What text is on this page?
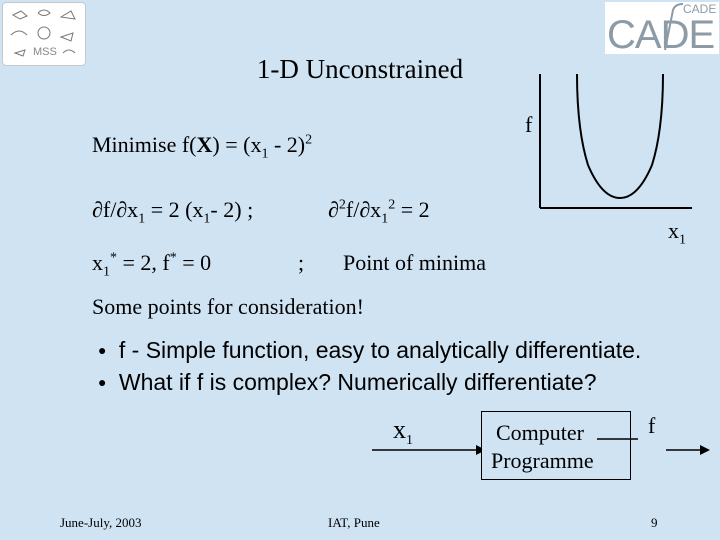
MSS	CADE
CADE
1-D Unconstrained
Minimise $f(X) = (x_1 - 2)^2$
$\partial f/\partial x_1 = 2$ ($x_1-$ 2) ;	$\partial^2f/\partial x_1^2 = 2$
$x_1^* = 2$, f* = 0	; Point of minima
f
$x_1$
Some points for consideration!
● f - Simple function, easy to analytically differentiate.
● What if f is complex? Numerically differentiate?
$x_1$	Computer
Programme
f
June-July, 2003	IAT, Pune	9
